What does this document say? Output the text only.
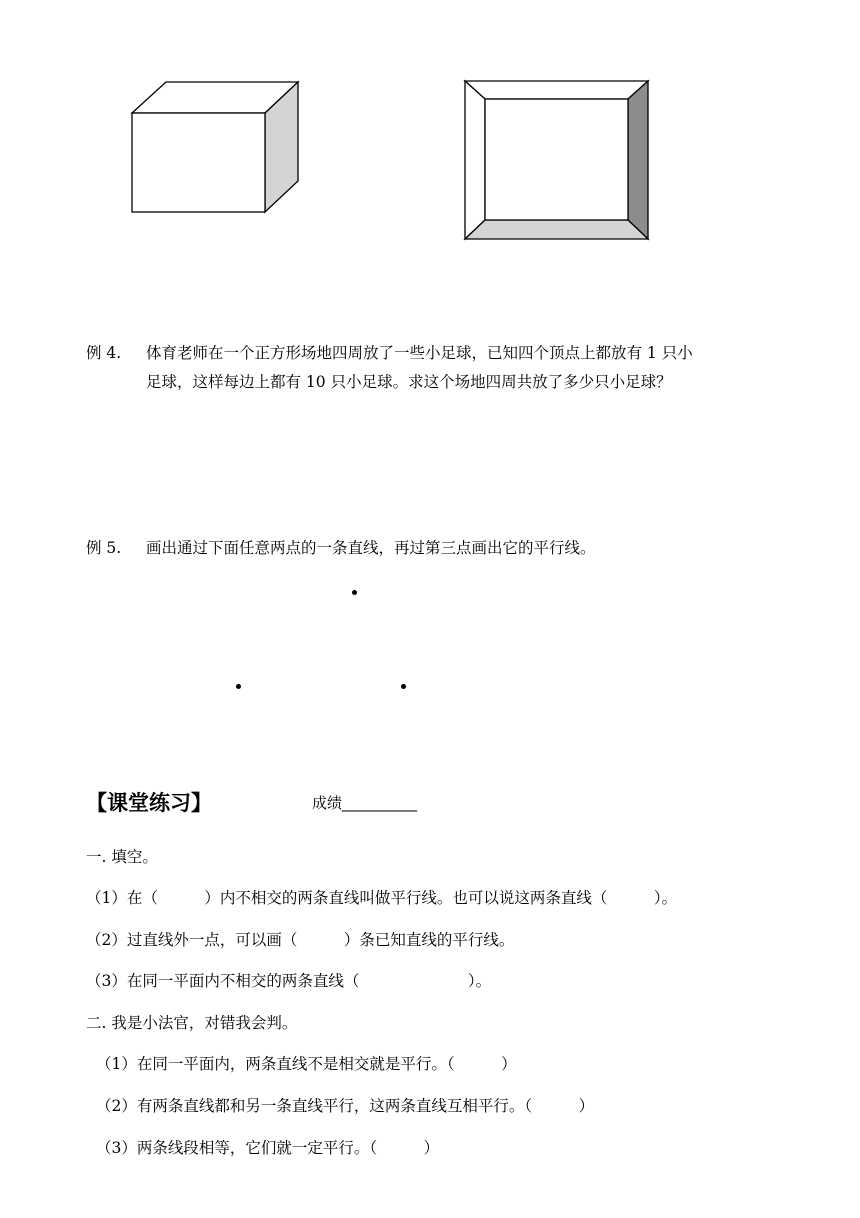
例 4. 体育老师在一个正方形场地四周放了一些小足球，已知四个顶点上都放有 1 只小
足球，这样每边上都有 10 只小足球。求这个场地四周共放了多少只小足球？
例 5. 画出通过下面任意两点的一条直线，再过第三点画出它的平行线。
【课堂练习】	成绩__________
一. 填空。
（1）在（　　　）内不相交的两条直线叫做平行线。也可以说这两条直线（　　　）。
（2）过直线外一点，可以画（　　　）条已知直线的平行线。
（3）在同一平面内不相交的两条直线（　　　　　　　）。
二. 我是小法官，对错我会判。
（1）在同一平面内，两条直线不是相交就是平行。（　　　）
（2）有两条直线都和另一条直线平行，这两条直线互相平行。（　　　）
（3）两条线段相等，它们就一定平行。（　　　）
